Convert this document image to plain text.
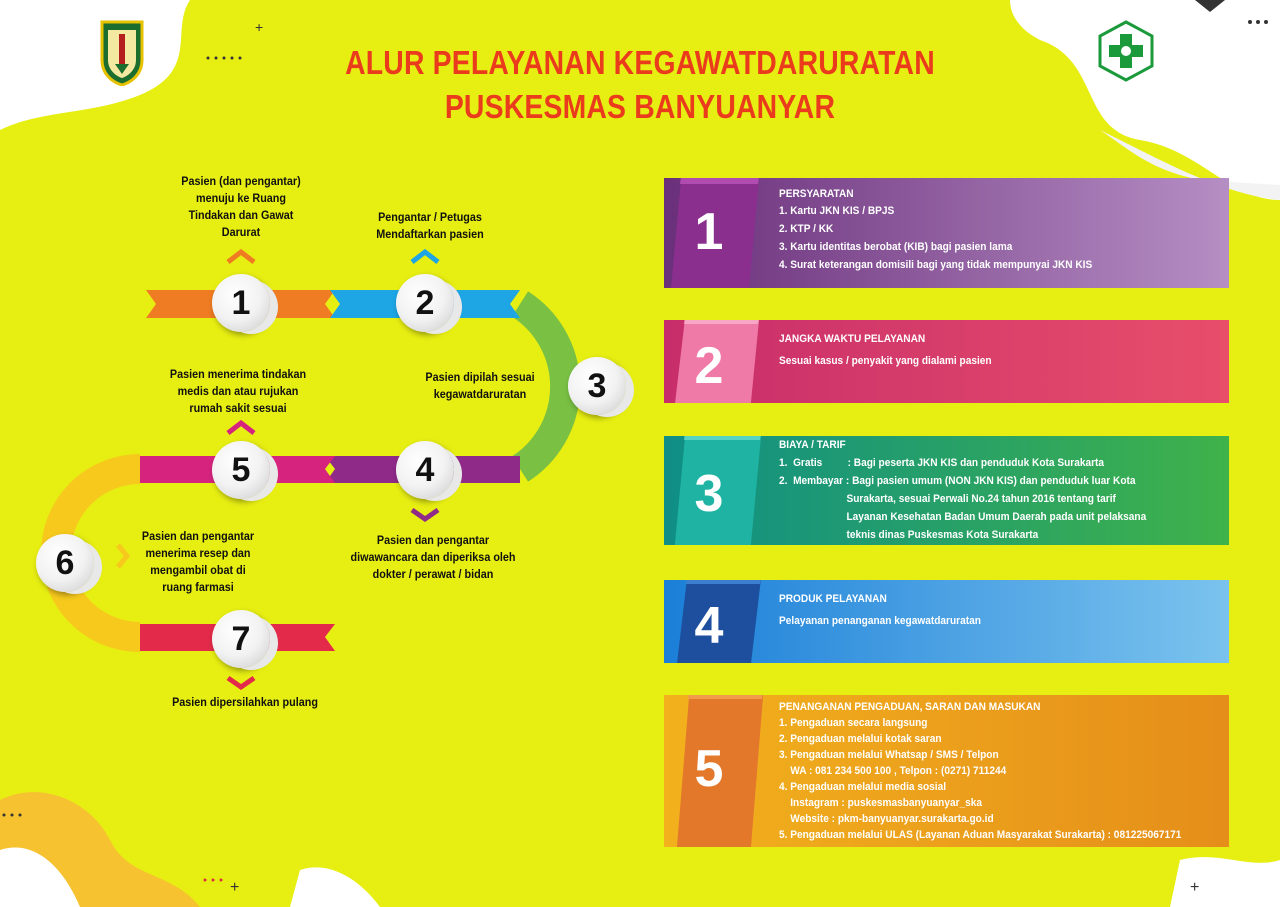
+
+	+
ALUR PELAYANAN KEGAWATDARURATAN
PUSKESMAS BANYUANYAR
1	2
3
4
5
6
7
Pasien (dan pengantar) menuju ke Ruang Tindakan dan Gawat Darurat
Pengantar / Petugas Mendaftarkan pasien
Pasien dipilah sesuai kegawatdaruratan
Pasien dan pengantar diwawancara dan diperiksa oleh dokter / perawat / bidan
Pasien menerima tindakan medis dan atau rujukan rumah sakit sesuai
Pasien dan pengantar menerima resep dan mengambil obat di ruang farmasi
Pasien dipersilahkan pulang
1
PERSYARATAN
1. Kartu JKN KIS / BPJS
2. KTP / KK
3. Kartu identitas berobat (KIB) bagi pasien lama
4. Surat keterangan domisili bagi yang tidak mempunyai JKN KIS
2	JANGKA WAKTU PELAYANAN
Sesuai kasus / penyakit yang dialami pasien
3
BIAYA / TARIF
1.  Gratis         : Bagi peserta JKN KIS dan penduduk Kota Surakarta
2.  Membayar : Bagi pasien umum (NON JKN KIS) dan penduduk luar Kota
Surakarta, sesuai Perwali No.24 tahun 2016 tentang tarif
Layanan Kesehatan Badan Umum Daerah pada unit pelaksana
teknis dinas Puskesmas Kota Surakarta
4	PRODUK PELAYANAN
Pelayanan penanganan kegawatdaruratan
5
PENANGANAN PENGADUAN, SARAN DAN MASUKAN
1. Pengaduan secara langsung
2. Pengaduan melalui kotak saran
3. Pengaduan melalui Whatsap / SMS / Telpon
WA : 081 234 500 100 , Telpon : (0271) 711244
4. Pengaduan melalui media sosial
Instagram : puskesmasbanyuanyar_ska
Website : pkm-banyuanyar.surakarta.go.id
5. Pengaduan melalui ULAS (Layanan Aduan Masyarakat Surakarta) : 081225067171
